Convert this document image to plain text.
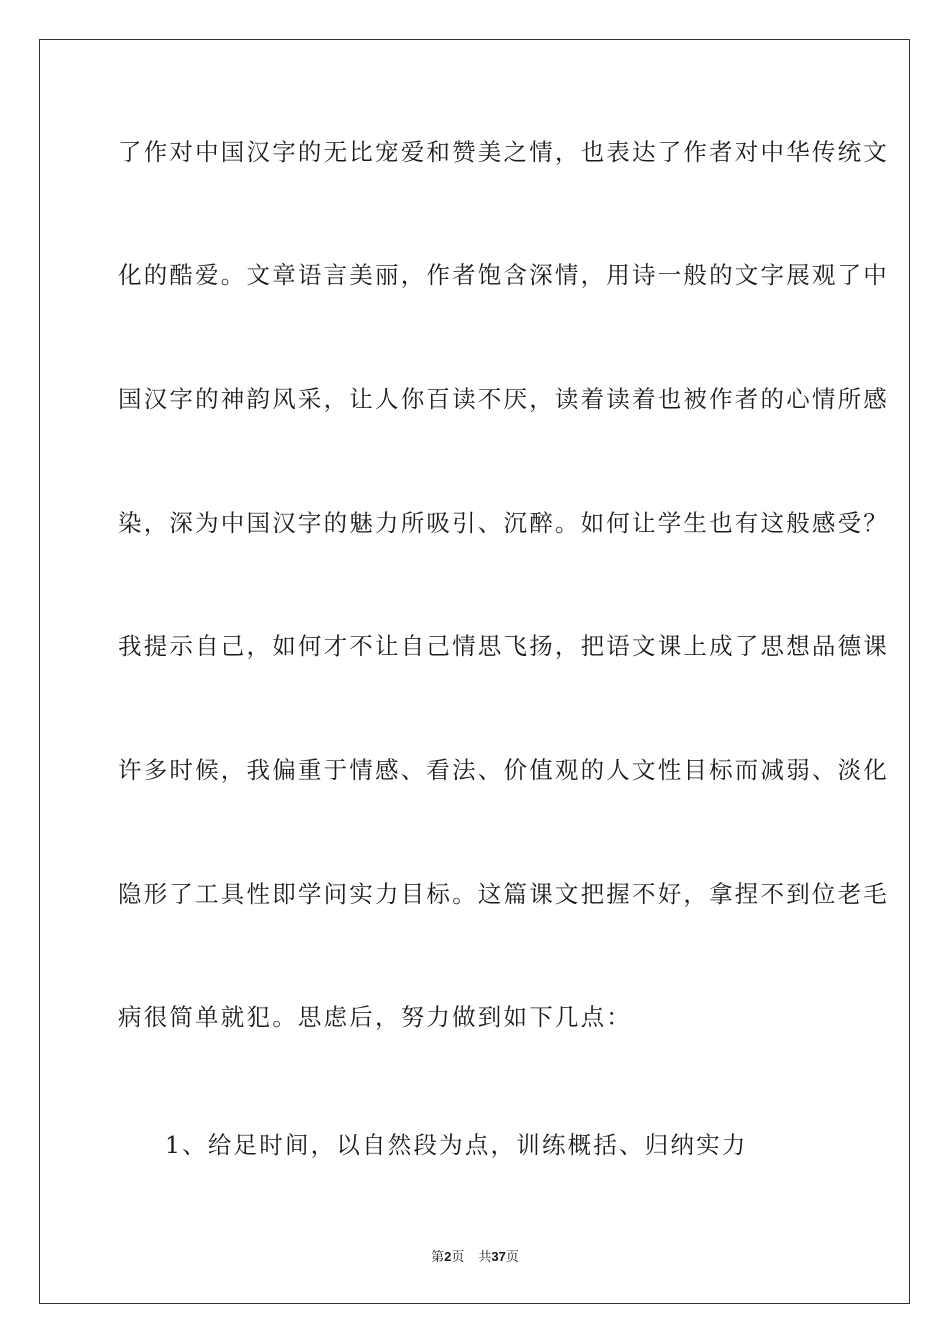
了作对中国汉字的无比宠爱和赞美之情，也表达了作者对中华传统文
化的酷爱。文章语言美丽，作者饱含深情，用诗一般的文字展观了中
国汉字的神韵风采，让人你百读不厌，读着读着也被作者的心情所感
染，深为中国汉字的魅力所吸引、沉醉。如何让学生也有这般感受？
我提示自己，如何才不让自己情思飞扬，把语文课上成了思想品德课
许多时候，我偏重于情感、看法、价值观的人文性目标而减弱、淡化
隐形了工具性即学问实力目标。这篇课文把握不好，拿捏不到位老毛
病很简单就犯。思虑后，努力做到如下几点：
1、给足时间，以自然段为点，训练概括、归纳实力
第2页 共37页
